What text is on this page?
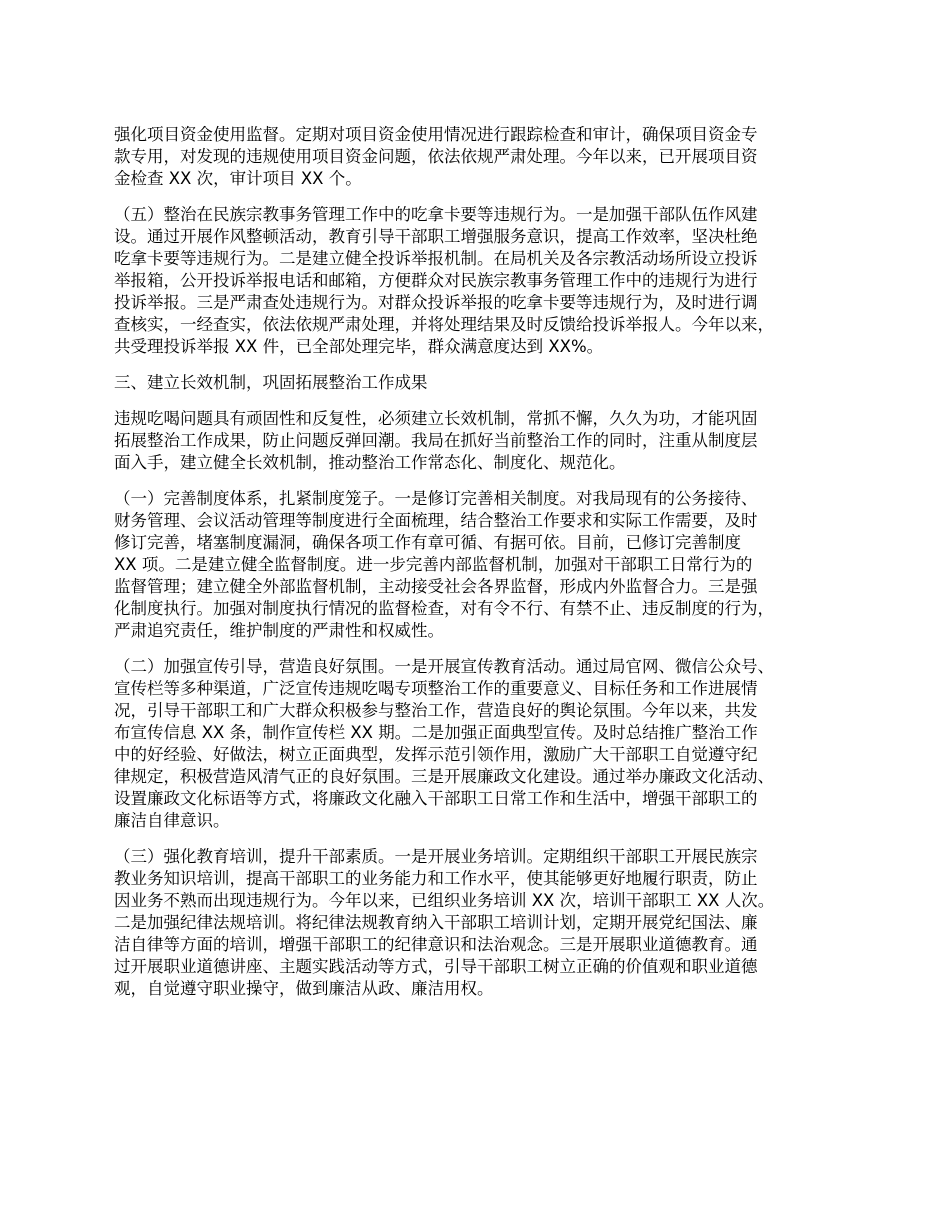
强化项目资金使用监督。定期对项目资金使用情况进行跟踪检查和审计，确保项目资金专
款专用，对发现的违规使用项目资金问题，依法依规严肃处理。今年以来，已开展项目资
金检查 XX 次，审计项目 XX 个。
（五）整治在民族宗教事务管理工作中的吃拿卡要等违规行为。一是加强干部队伍作风建
设。通过开展作风整顿活动，教育引导干部职工增强服务意识，提高工作效率，坚决杜绝
吃拿卡要等违规行为。二是建立健全投诉举报机制。在局机关及各宗教活动场所设立投诉
举报箱，公开投诉举报电话和邮箱，方便群众对民族宗教事务管理工作中的违规行为进行
投诉举报。三是严肃查处违规行为。对群众投诉举报的吃拿卡要等违规行为，及时进行调
查核实，一经查实，依法依规严肃处理，并将处理结果及时反馈给投诉举报人。今年以来，
共受理投诉举报 XX 件，已全部处理完毕，群众满意度达到 XX%。
三、建立长效机制，巩固拓展整治工作成果
违规吃喝问题具有顽固性和反复性，必须建立长效机制，常抓不懈，久久为功，才能巩固
拓展整治工作成果，防止问题反弹回潮。我局在抓好当前整治工作的同时，注重从制度层
面入手，建立健全长效机制，推动整治工作常态化、制度化、规范化。
（一）完善制度体系，扎紧制度笼子。一是修订完善相关制度。对我局现有的公务接待、
财务管理、会议活动管理等制度进行全面梳理，结合整治工作要求和实际工作需要，及时
修订完善，堵塞制度漏洞，确保各项工作有章可循、有据可依。目前，已修订完善制度
XX 项。二是建立健全监督制度。进一步完善内部监督机制，加强对干部职工日常行为的
监督管理；建立健全外部监督机制，主动接受社会各界监督，形成内外监督合力。三是强
化制度执行。加强对制度执行情况的监督检查，对有令不行、有禁不止、违反制度的行为，
严肃追究责任，维护制度的严肃性和权威性。
（二）加强宣传引导，营造良好氛围。一是开展宣传教育活动。通过局官网、微信公众号、
宣传栏等多种渠道，广泛宣传违规吃喝专项整治工作的重要意义、目标任务和工作进展情
况，引导干部职工和广大群众积极参与整治工作，营造良好的舆论氛围。今年以来，共发
布宣传信息 XX 条，制作宣传栏 XX 期。二是加强正面典型宣传。及时总结推广整治工作
中的好经验、好做法，树立正面典型，发挥示范引领作用，激励广大干部职工自觉遵守纪
律规定，积极营造风清气正的良好氛围。三是开展廉政文化建设。通过举办廉政文化活动、
设置廉政文化标语等方式，将廉政文化融入干部职工日常工作和生活中，增强干部职工的
廉洁自律意识。
（三）强化教育培训，提升干部素质。一是开展业务培训。定期组织干部职工开展民族宗
教业务知识培训，提高干部职工的业务能力和工作水平，使其能够更好地履行职责，防止
因业务不熟而出现违规行为。今年以来，已组织业务培训 XX 次，培训干部职工 XX 人次。
二是加强纪律法规培训。将纪律法规教育纳入干部职工培训计划，定期开展党纪国法、廉
洁自律等方面的培训，增强干部职工的纪律意识和法治观念。三是开展职业道德教育。通
过开展职业道德讲座、主题实践活动等方式，引导干部职工树立正确的价值观和职业道德
观，自觉遵守职业操守，做到廉洁从政、廉洁用权。
